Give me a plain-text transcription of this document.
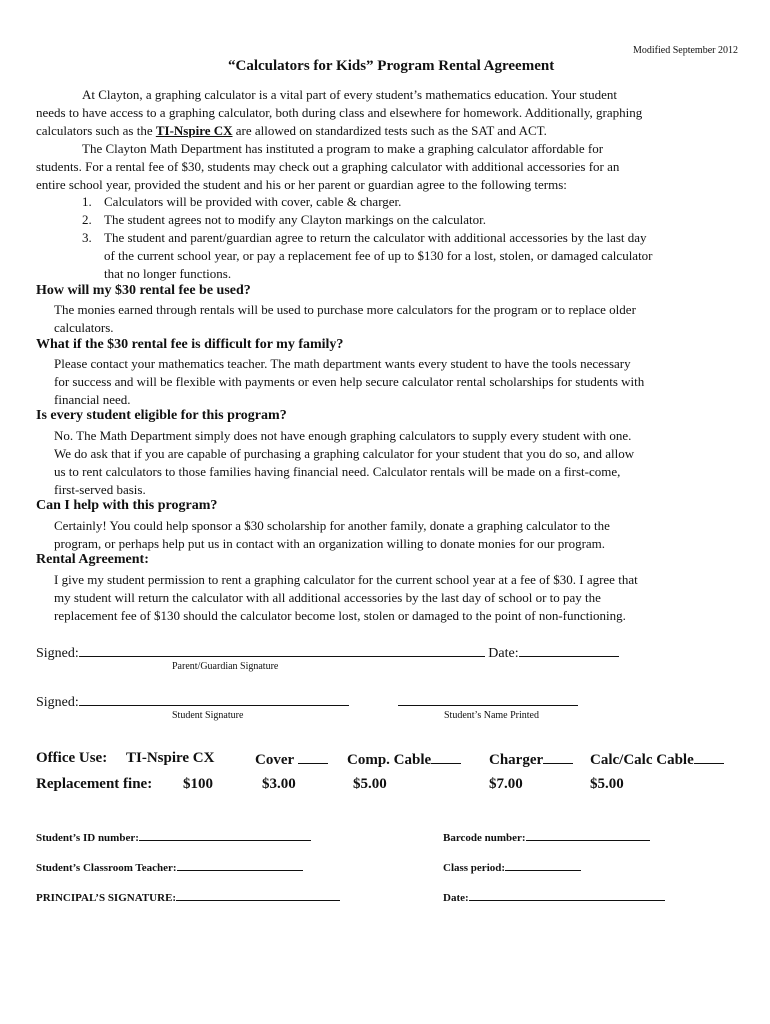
Modified September 2012
“Calculators for Kids” Program Rental Agreement
At Clayton, a graphing calculator is a vital part of every student’s mathematics education. Your student
needs to have access to a graphing calculator, both during class and elsewhere for homework. Additionally, graphing
calculators such as the TI-Nspire CX are allowed on standardized tests such as the SAT and ACT.
The Clayton Math Department has instituted a program to make a graphing calculator affordable for
students. For a rental fee of $30, students may check out a graphing calculator with additional accessories for an
entire school year, provided the student and his or her parent or guardian agree to the following terms:
1. Calculators will be provided with cover, cable & charger.
2. The student agrees not to modify any Clayton markings on the calculator.
3. The student and parent/guardian agree to return the calculator with additional accessories by the last day
of the current school year, or pay a replacement fee of up to $130 for a lost, stolen, or damaged calculator
that no longer functions.
How will my $30 rental fee be used?
The monies earned through rentals will be used to purchase more calculators for the program or to replace older
calculators.
What if the $30 rental fee is difficult for my family?
Please contact your mathematics teacher. The math department wants every student to have the tools necessary
for success and will be flexible with payments or even help secure calculator rental scholarships for students with
financial need.
Is every student eligible for this program?
No. The Math Department simply does not have enough graphing calculators to supply every student with one.
We do ask that if you are capable of purchasing a graphing calculator for your student that you do so, and allow
us to rent calculators to those families having financial need. Calculator rentals will be made on a first-come,
first-served basis.
Can I help with this program?
Certainly! You could help sponsor a $30 scholarship for another family, donate a graphing calculator to the
program, or perhaps help put us in contact with an organization willing to donate monies for our program.
Rental Agreement:
I give my student permission to rent a graphing calculator for the current school year at a fee of $30. I agree that
my student will return the calculator with all additional accessories by the last day of school or to pay the
replacement fee of $130 should the calculator become lost, stolen or damaged to the point of non-functioning.
Signed:	Date:
Parent/Guardian Signature
Signed:
Student Signature	Student’s Name Printed
Office Use: TI-Nspire CX	Cover	Comp. Cable	Charger	Calc/Calc Cable
Replacement fine: $100	$3.00	$5.00	$7.00	$5.00
Student’s ID number:	Barcode number:
Student’s Classroom Teacher:	Class period:
PRINCIPAL’S SIGNATURE:	Date:
